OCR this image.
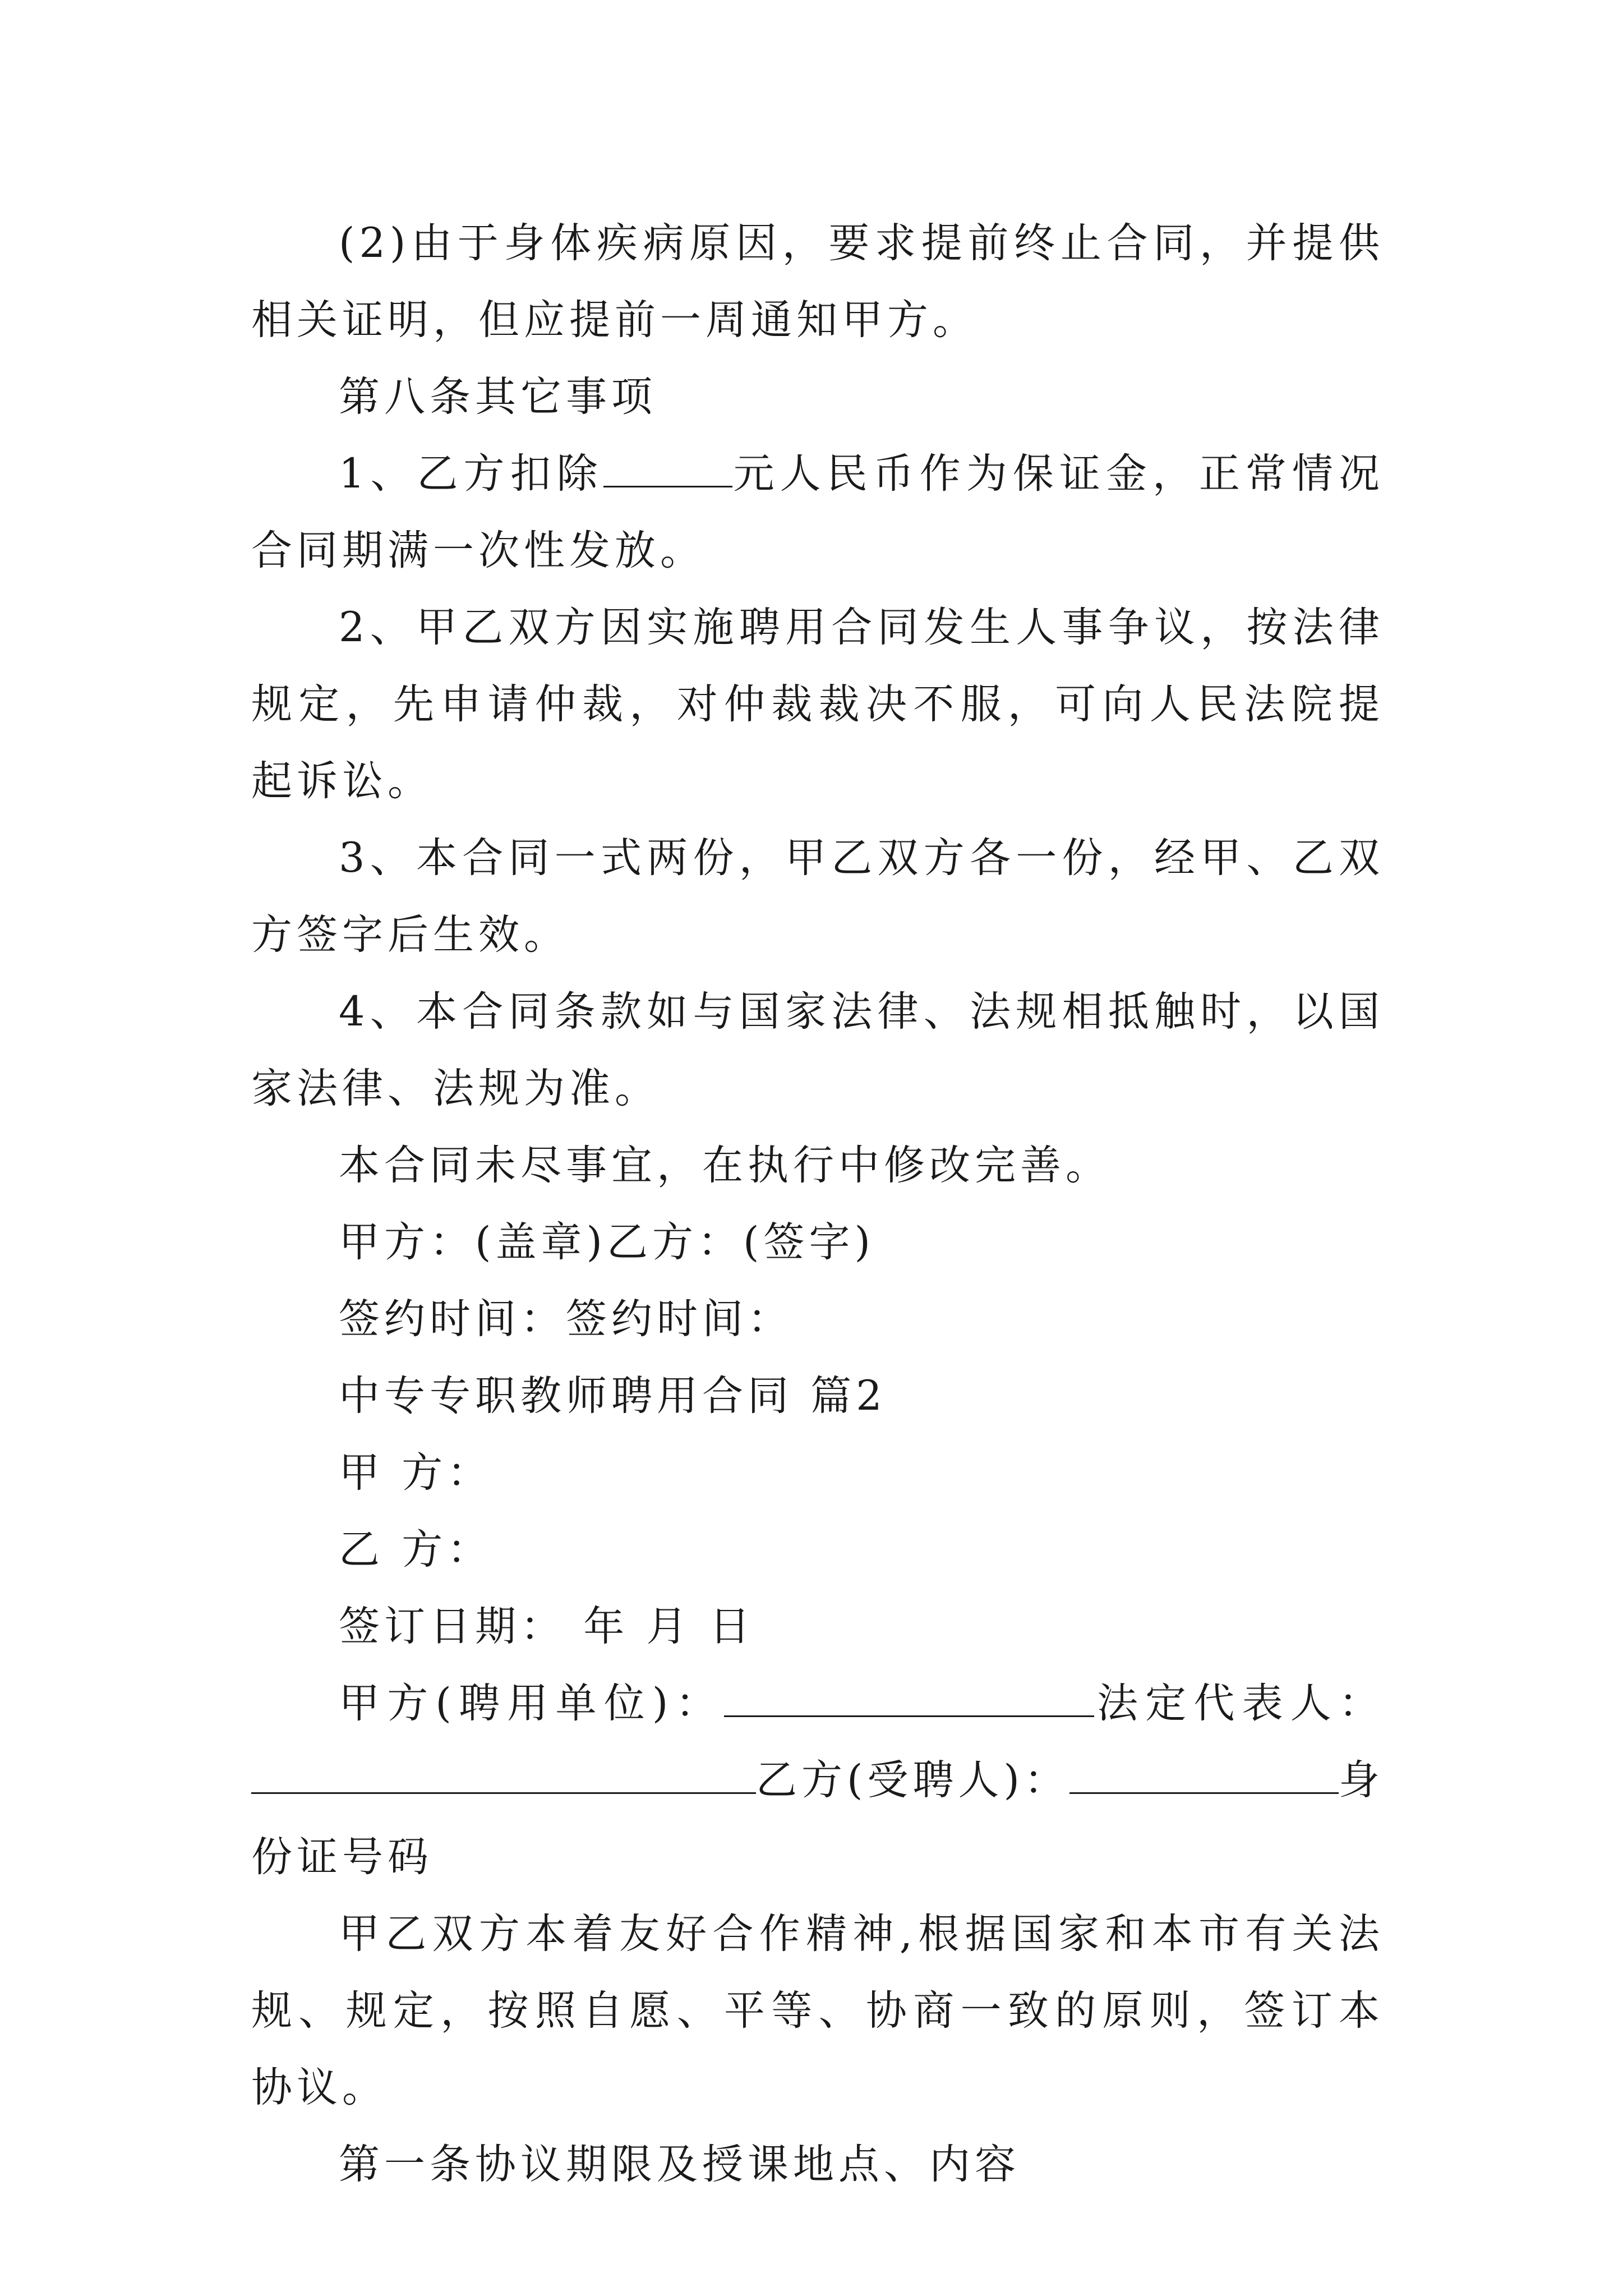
(2)由于身体疾病原因，要求提前终止合同，并提供相关证明，但应提前一周通知甲方。

第八条其它事项

1、乙方扣除	元人民币作为保证金，正常情况合同期满一次性发放。

2、甲乙双方因实施聘用合同发生人事争议，按法律规定，先申请仲裁，对仲裁裁决不服，可向人民法院提起诉讼。

3、本合同一式两份，甲乙双方各一份，经甲、乙双方签字后生效。

4、本合同条款如与国家法律、法规相抵触时，以国家法律、法规为准。

本合同未尽事宜，在执行中修改完善。

甲方：(盖章)乙方：(签字)

签约时间：签约时间：

中专专职教师聘用合同 篇2

甲 方：

乙 方：

签订日期： 年 月 日

甲方(聘用单位)：	法定代表人：乙方(受聘人)：	身份证号码

甲乙双方本着友好合作精神,根据国家和本市有关法规、规定，按照自愿、平等、协商一致的原则，签订本协议。

第一条协议期限及授课地点、内容
